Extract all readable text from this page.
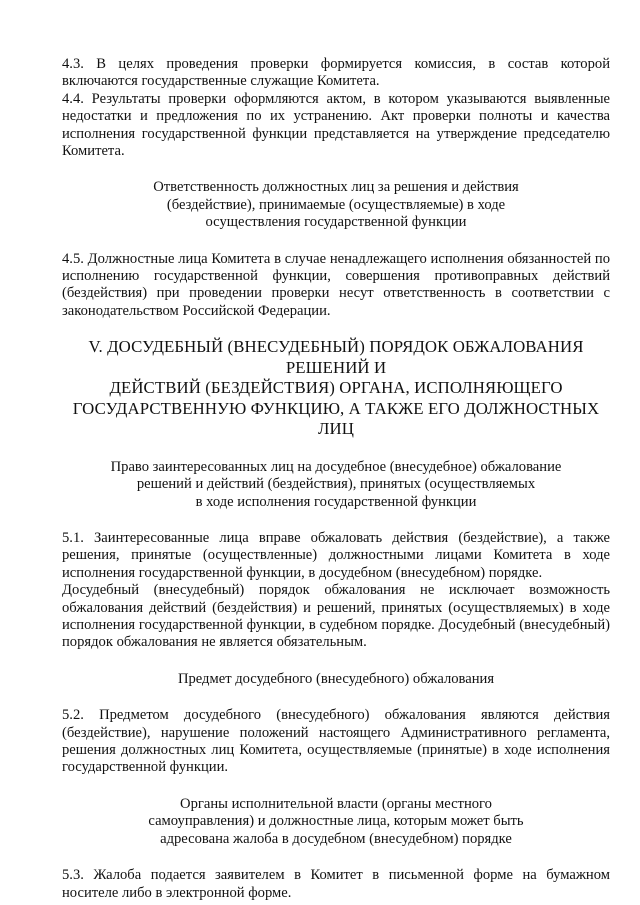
4.3. В целях проведения проверки формируется комиссия, в состав которой включаются государственные служащие Комитета.

4.4. Результаты проверки оформляются актом, в котором указываются выявленные недостатки и предложения по их устранению. Акт проверки полноты и качества исполнения государственной функции представляется на утверждение председателю Комитета.

Ответственность должностных лиц за решения и действия
(бездействие), принимаемые (осуществляемые) в ходе
осуществления государственной функции

4.5. Должностные лица Комитета в случае ненадлежащего исполнения обязанностей по исполнению государственной функции, совершения противоправных действий (бездействия) при проведении проверки несут ответственность в соответствии с законодательством Российской Федерации.

V. ДОСУДЕБНЫЙ (ВНЕСУДЕБНЫЙ) ПОРЯДОК ОБЖАЛОВАНИЯ РЕШЕНИЙ И
ДЕЙСТВИЙ (БЕЗДЕЙСТВИЯ) ОРГАНА, ИСПОЛНЯЮЩЕГО
ГОСУДАРСТВЕННУЮ ФУНКЦИЮ, А ТАКЖЕ ЕГО ДОЛЖНОСТНЫХ ЛИЦ

Право заинтересованных лиц на досудебное (внесудебное) обжалование
решений и действий (бездействия), принятых (осуществляемых
в ходе исполнения государственной функции

5.1. Заинтересованные лица вправе обжаловать действия (бездействие), а также решения, принятые (осуществленные) должностными лицами Комитета в ходе исполнения государственной функции, в досудебном (внесудебном) порядке.

Досудебный (внесудебный) порядок обжалования не исключает возможность обжалования действий (бездействия) и решений, принятых (осуществляемых) в ходе исполнения государственной функции, в судебном порядке. Досудебный (внесудебный) порядок обжалования не является обязательным.

Предмет досудебного (внесудебного) обжалования

5.2. Предметом досудебного (внесудебного) обжалования являются действия (бездействие), нарушение положений настоящего Административного регламента, решения должностных лиц Комитета, осуществляемые (принятые) в ходе исполнения государственной функции.

Органы исполнительной власти (органы местного
самоуправления) и должностные лица, которым может быть
адресована жалоба в досудебном (внесудебном) порядке

5.3. Жалоба подается заявителем в Комитет в письменной форме на бумажном носителе либо в электронной форме.
